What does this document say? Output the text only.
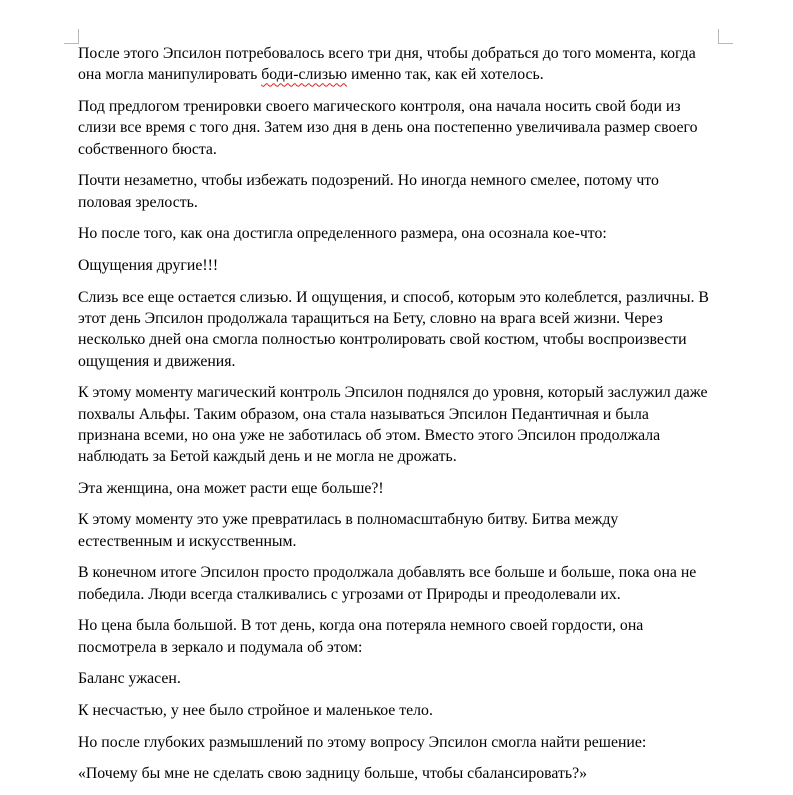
После этого Эпсилон потребовалось всего три дня, чтобы добраться до того момента, когда
она могла манипулировать боди-слизью именно так, как ей хотелось.

Под предлогом тренировки своего магического контроля, она начала носить свой боди из
слизи все время с того дня. Затем изо дня в день она постепенно увеличивала размер своего
собственного бюста.

Почти незаметно, чтобы избежать подозрений. Но иногда немного смелее, потому что
половая зрелость.

Но после того, как она достигла определенного размера, она осознала кое-что:

Ощущения другие!!!

Слизь все еще остается слизью. И ощущения, и способ, которым это колеблется, различны. В
этот день Эпсилон продолжала таращиться на Бету, словно на врага всей жизни. Через
несколько дней она смогла полностью контролировать свой костюм, чтобы воспроизвести
ощущения и движения.

К этому моменту магический контроль Эпсилон поднялся до уровня, который заслужил даже
похвалы Альфы. Таким образом, она стала называться Эпсилон Педантичная и была
признана всеми, но она уже не заботилась об этом. Вместо этого Эпсилон продолжала
наблюдать за Бетой каждый день и не могла не дрожать.

Эта женщина, она может расти еще больше?!

К этому моменту это уже превратилась в полномасштабную битву. Битва между
естественным и искусственным.

В конечном итоге Эпсилон просто продолжала добавлять все больше и больше, пока она не
победила. Люди всегда сталкивались с угрозами от Природы и преодолевали их.

Но цена была большой. В тот день, когда она потеряла немного своей гордости, она
посмотрела в зеркало и подумала об этом:

Баланс ужасен.

К несчастью, у нее было стройное и маленькое тело.

Но после глубоких размышлений по этому вопросу Эпсилон смогла найти решение:

«Почему бы мне не сделать свою задницу больше, чтобы сбалансировать?»
